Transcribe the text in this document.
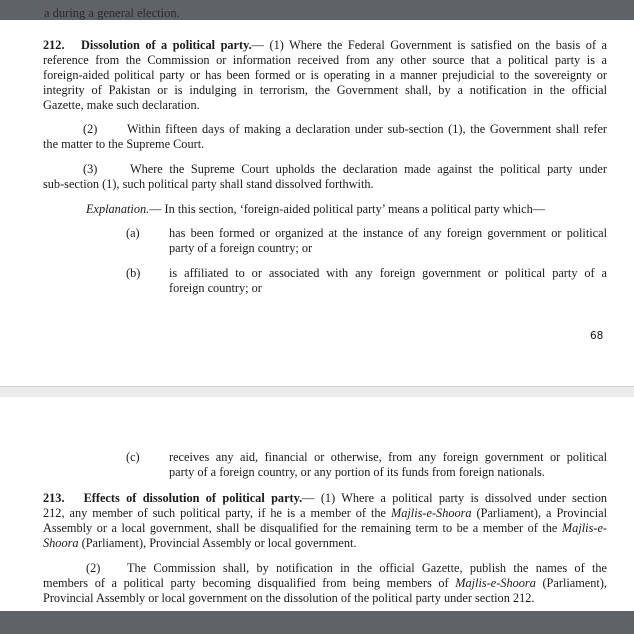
a during a general election.
212. Dissolution of a political party.— (1) Where the Federal Government is satisfied on the basis of a
reference from the Commission or information received from any other source that a political party is a
foreign-aided political party or has been formed or is operating in a manner prejudicial to the sovereignty or
integrity of Pakistan or is indulging in terrorism, the Government shall, by a notification in the official
Gazette, make such declaration.
(2) Within fifteen days of making a declaration under sub-section (1), the Government shall refer
the matter to the Supreme Court.
(3)	Where the Supreme Court upholds the declaration made against the political party under
sub-section (1), such political party shall stand dissolved forthwith.
Explanation.— In this section, ‘foreign-aided political party’ means a political party which—
(a) has been formed or organized at the instance of any foreign government or political
party of a foreign country; or
(b) is affiliated to or associated with any foreign government or political party of a
foreign country; or
68
(c) receives any aid, financial or otherwise, from any foreign government or political
party of a foreign country, or any portion of its funds from foreign nationals.
213. Effects of dissolution of political party.— (1) Where a political party is dissolved under section
212, any member of such political party, if he is a member of the Majlis-e-Shoora (Parliament), a Provincial
Assembly or a local government, shall be disqualified for the remaining term to be a member of the Majlis-e-
Shoora (Parliament), Provincial Assembly or local government.
(2) The Commission shall, by notification in the official Gazette, publish the names of the
members of a political party becoming disqualified from being members of Majlis-e-Shoora (Parliament),
Provincial Assembly or local government on the dissolution of the political party under section 212.
